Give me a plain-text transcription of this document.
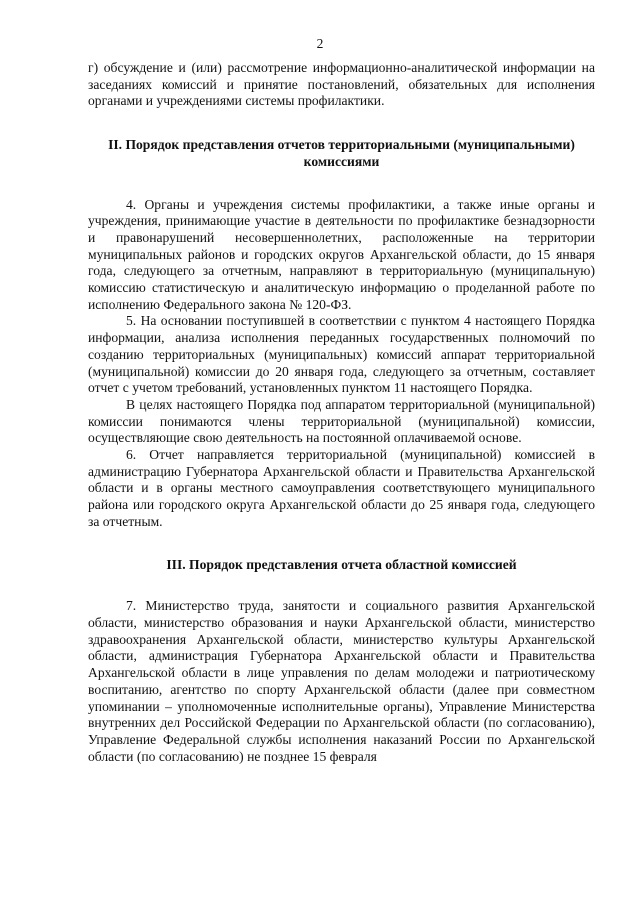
2

г) обсуждение и (или) рассмотрение информационно-аналитической информации на заседаниях комиссий и принятие постановлений, обязательных для исполнения органами и учреждениями системы профилактики.

II. Порядок представления отчетов территориальными (муниципальными) комиссиями

4. Органы и учреждения системы профилактики, а также иные органы и учреждения, принимающие участие в деятельности по профилактике безнадзорности и правонарушений несовершеннолетних, расположенные на территории муниципальных районов и городских округов Архангельской области, до 15 января года, следующего за отчетным, направляют в территориальную (муниципальную) комиссию статистическую и аналитическую информацию о проделанной работе по исполнению Федерального закона № 120-ФЗ.

5. На основании поступившей в соответствии с пунктом 4 настоящего Порядка информации, анализа исполнения переданных государственных полномочий по созданию территориальных (муниципальных) комиссий аппарат территориальной (муниципальной) комиссии до 20 января года, следующего за отчетным, составляет отчет с учетом требований, установленных пунктом 11 настоящего Порядка.

В целях настоящего Порядка под аппаратом территориальной (муниципальной) комиссии понимаются члены территориальной (муниципальной) комиссии, осуществляющие свою деятельность на постоянной оплачиваемой основе.

6. Отчет направляется территориальной (муниципальной) комиссией в администрацию Губернатора Архангельской области и Правительства Архангельской области и в органы местного самоуправления соответствующего муниципального района или городского округа Архангельской области до 25 января года, следующего за отчетным.

III. Порядок представления отчета областной комиссией

7. Министерство труда, занятости и социального развития Архангельской области, министерство образования и науки Архангельской области, министерство здравоохранения Архангельской области, министерство культуры Архангельской области, администрация Губернатора Архангельской области и Правительства Архангельской области в лице управления по делам молодежи и патриотическому воспитанию, агентство по спорту Архангельской области (далее при совместном упоминании – уполномоченные исполнительные органы), Управление Министерства внутренних дел Российской Федерации по Архангельской области (по согласованию), Управление Федеральной службы исполнения наказаний России по Архангельской области (по согласованию) не позднее 15 февраля
